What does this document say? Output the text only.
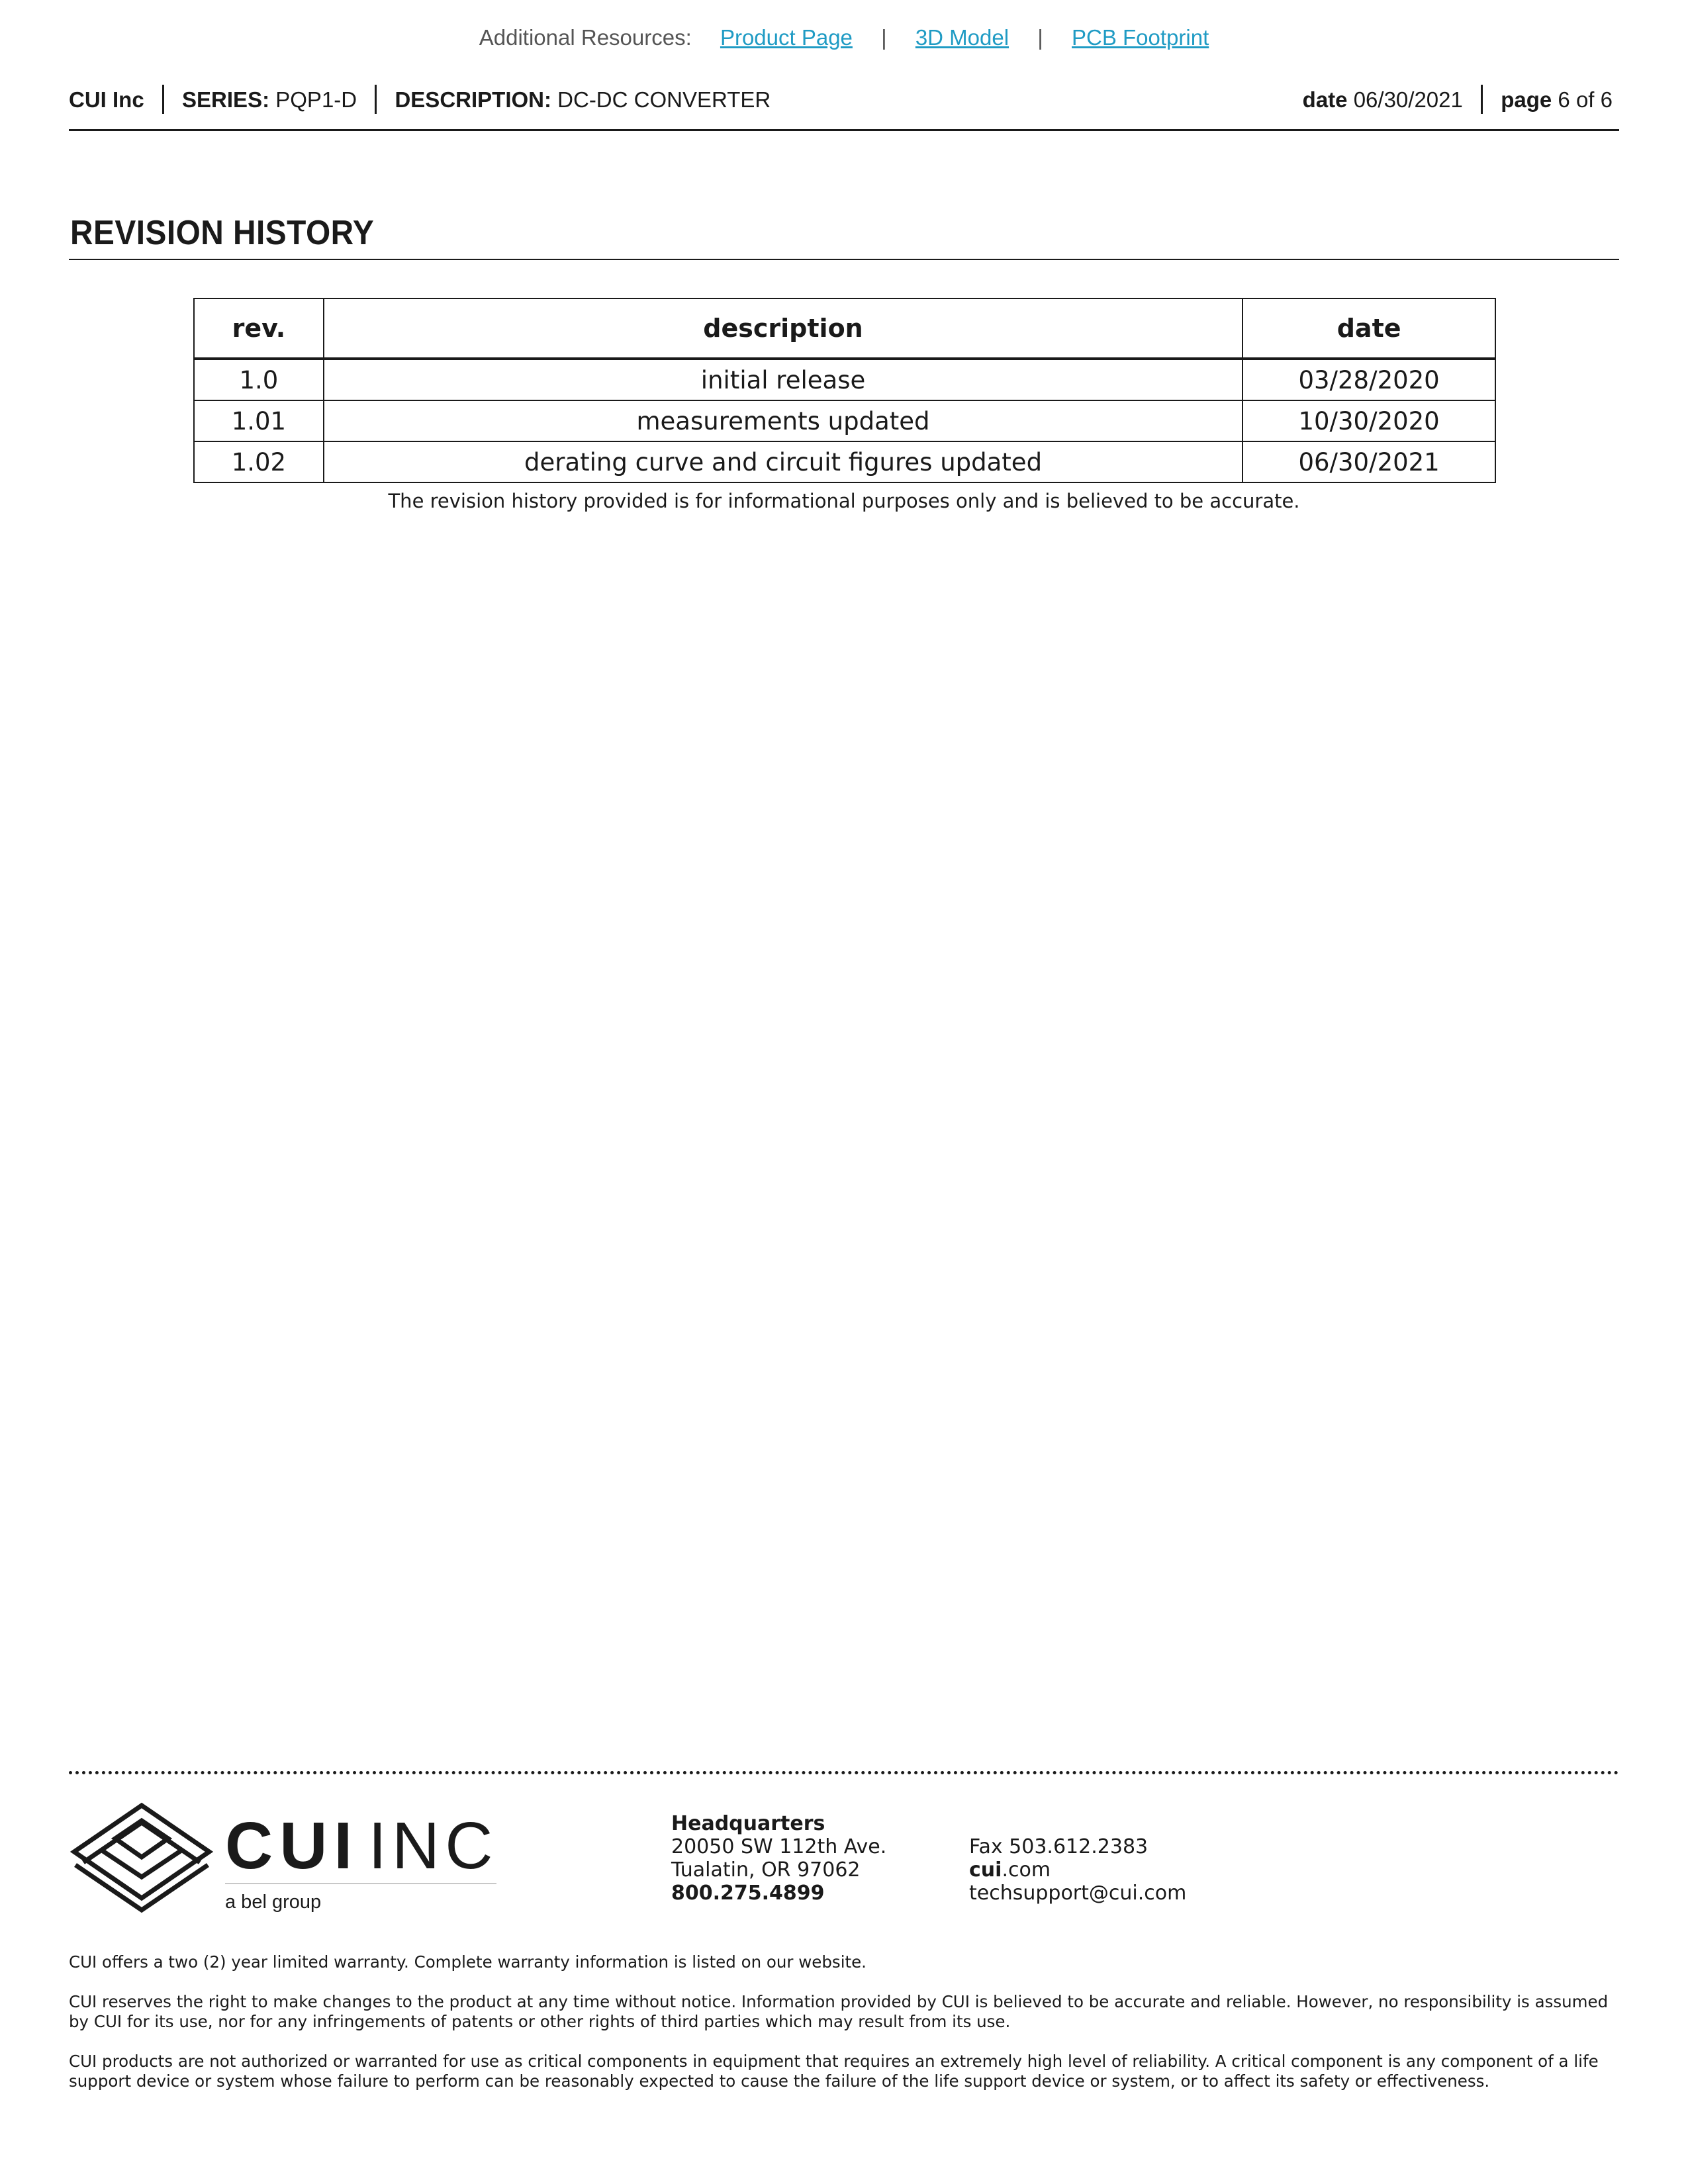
Additional Resources: Product Page | 3D Model | PCB Footprint
CUI Inc SERIES: PQP1-D DESCRIPTION: DC-DC CONVERTER	date 06/30/2021 page 6 of 6
REVISION HISTORY
rev.	description	date
1.0	initial release	03/28/2020
1.01	measurements updated	10/30/2020
1.02	derating curve and circuit figures updated	06/30/2021
The revision history provided is for informational purposes only and is believed to be accurate.
CUI INC
a bel group
Headquarters
20050 SW 112th Ave.
Tualatin, OR 97062
800.275.4899
Fax 503.612.2383
cui.com
techsupport@cui.com
CUI offers a two (2) year limited warranty. Complete warranty information is listed on our website.
CUI reserves the right to make changes to the product at any time without notice. Information provided by CUI is believed to be accurate and reliable. However, no responsibility is assumed by CUI for its use, nor for any infringements of patents or other rights of third parties which may result from its use.
CUI products are not authorized or warranted for use as critical components in equipment that requires an extremely high level of reliability. A critical component is any component of a life support device or system whose failure to perform can be reasonably expected to cause the failure of the life support device or system, or to affect its safety or effectiveness.
